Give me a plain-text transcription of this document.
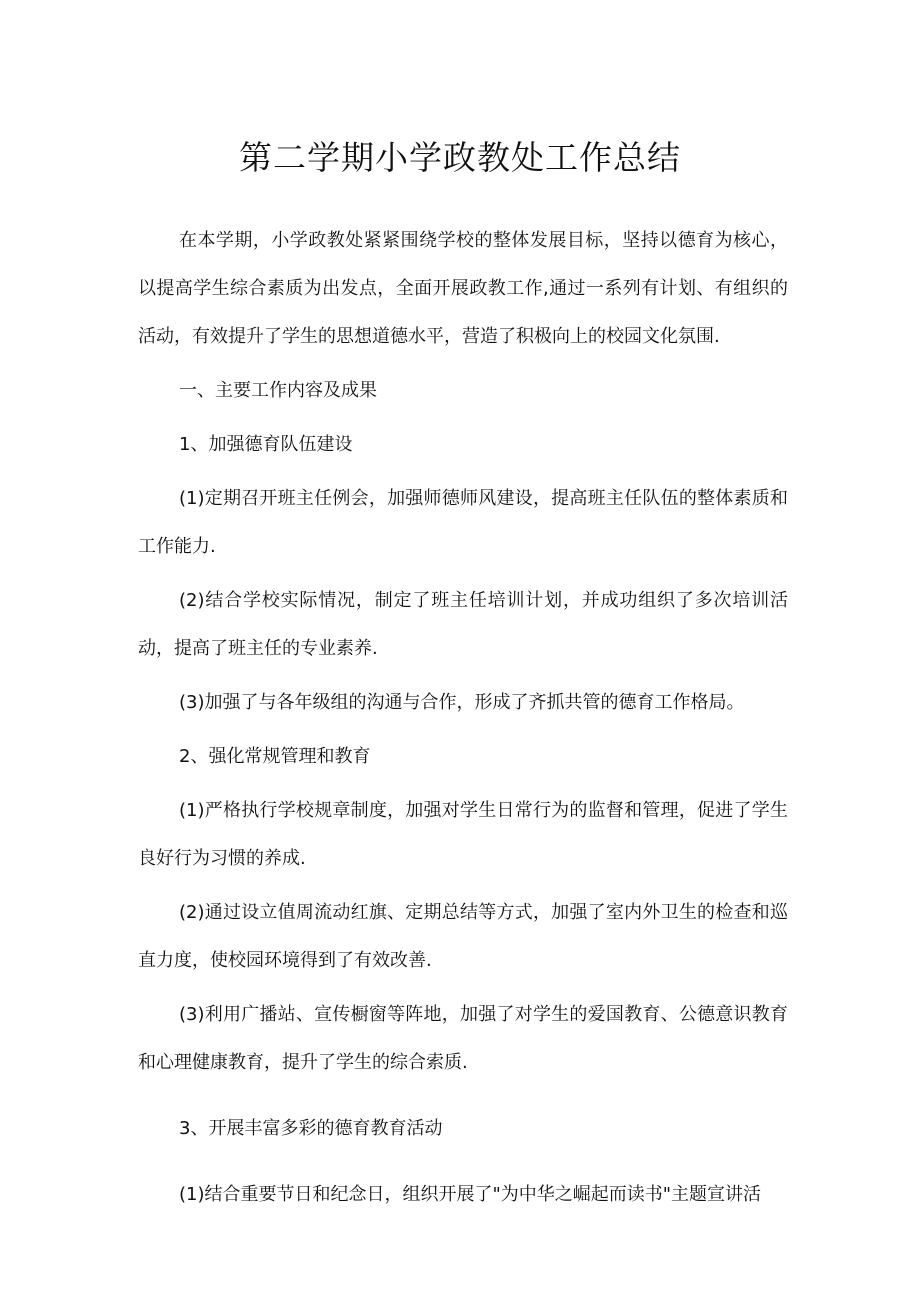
第二学期小学政教处工作总结

在本学期，小学政教处紧紧围绕学校的整体发展目标，坚持以德育为核心，以提高学生综合素质为出发点，全面开展政教工作,通过一系列有计划、有组织的活动，有效提升了学生的思想道德水平，营造了积极向上的校园文化氛围.

一、主要工作内容及成果

1、加强德育队伍建设

(1)定期召开班主任例会，加强师德师风建设，提高班主任队伍的整体素质和工作能力.

(2)结合学校实际情况，制定了班主任培训计划，并成功组织了多次培训活动，提高了班主任的专业素养.

(3)加强了与各年级组的沟通与合作，形成了齐抓共管的德育工作格局。

2、强化常规管理和教育

(1)严格执行学校规章制度，加强对学生日常行为的监督和管理，促进了学生良好行为习惯的养成.

(2)通过设立值周流动红旗、定期总结等方式，加强了室内外卫生的检查和巡直力度，使校园环境得到了有效改善.

(3)利用广播站、宣传橱窗等阵地，加强了对学生的爱国教育、公德意识教育和心理健康教育，提升了学生的综合索质.

3、开展丰富多彩的德育教育活动

(1)结合重要节日和纪念日，组织开展了"为中华之崛起而读书"主题宣讲活
